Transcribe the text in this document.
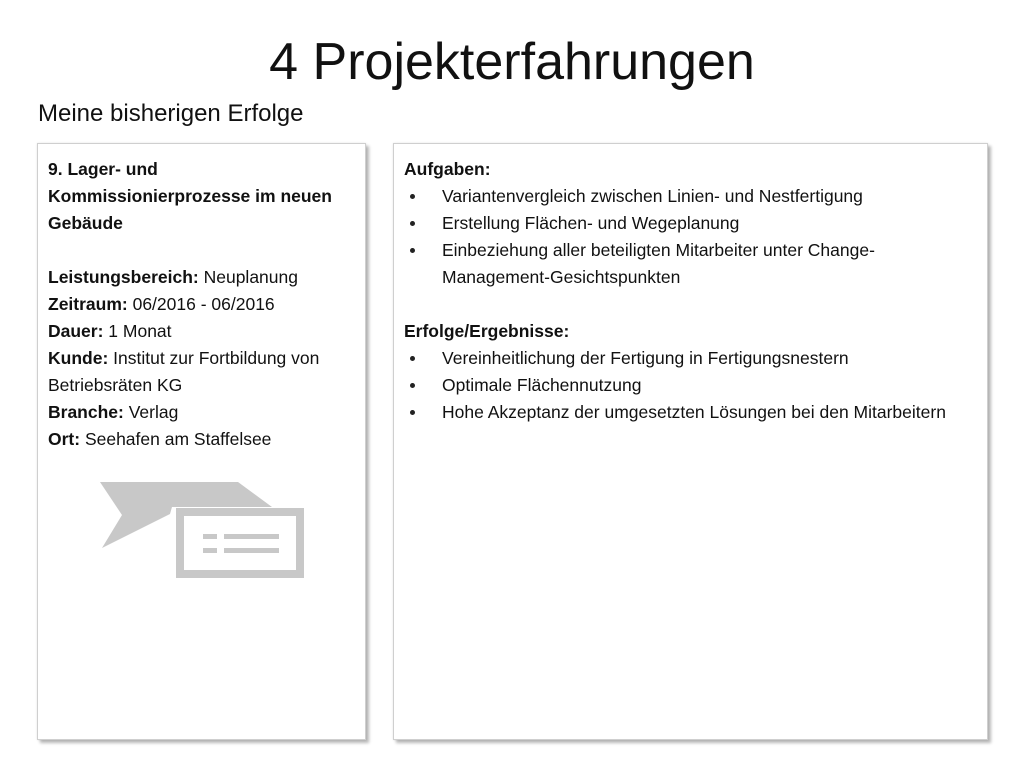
4 Projekterfahrungen
Meine bisherigen Erfolge
9. Lager- und Kommissionierprozesse im neuen Gebäude
Leistungsbereich: Neuplanung
Zeitraum: 06/2016 - 06/2016
Dauer: 1 Monat
Kunde: Institut zur Fortbildung von Betriebsräten KG
Branche: Verlag
Ort: Seehafen am Staffelsee
Aufgaben:
Variantenvergleich zwischen Linien- und Nestfertigung
Erstellung Flächen- und Wegeplanung
Einbeziehung aller beteiligten Mitarbeiter unter Change-Management-Gesichtspunkten
Erfolge/Ergebnisse:
Vereinheitlichung der Fertigung in Fertigungsnestern
Optimale Flächennutzung
Hohe Akzeptanz der umgesetzten Lösungen bei den Mitarbeitern
